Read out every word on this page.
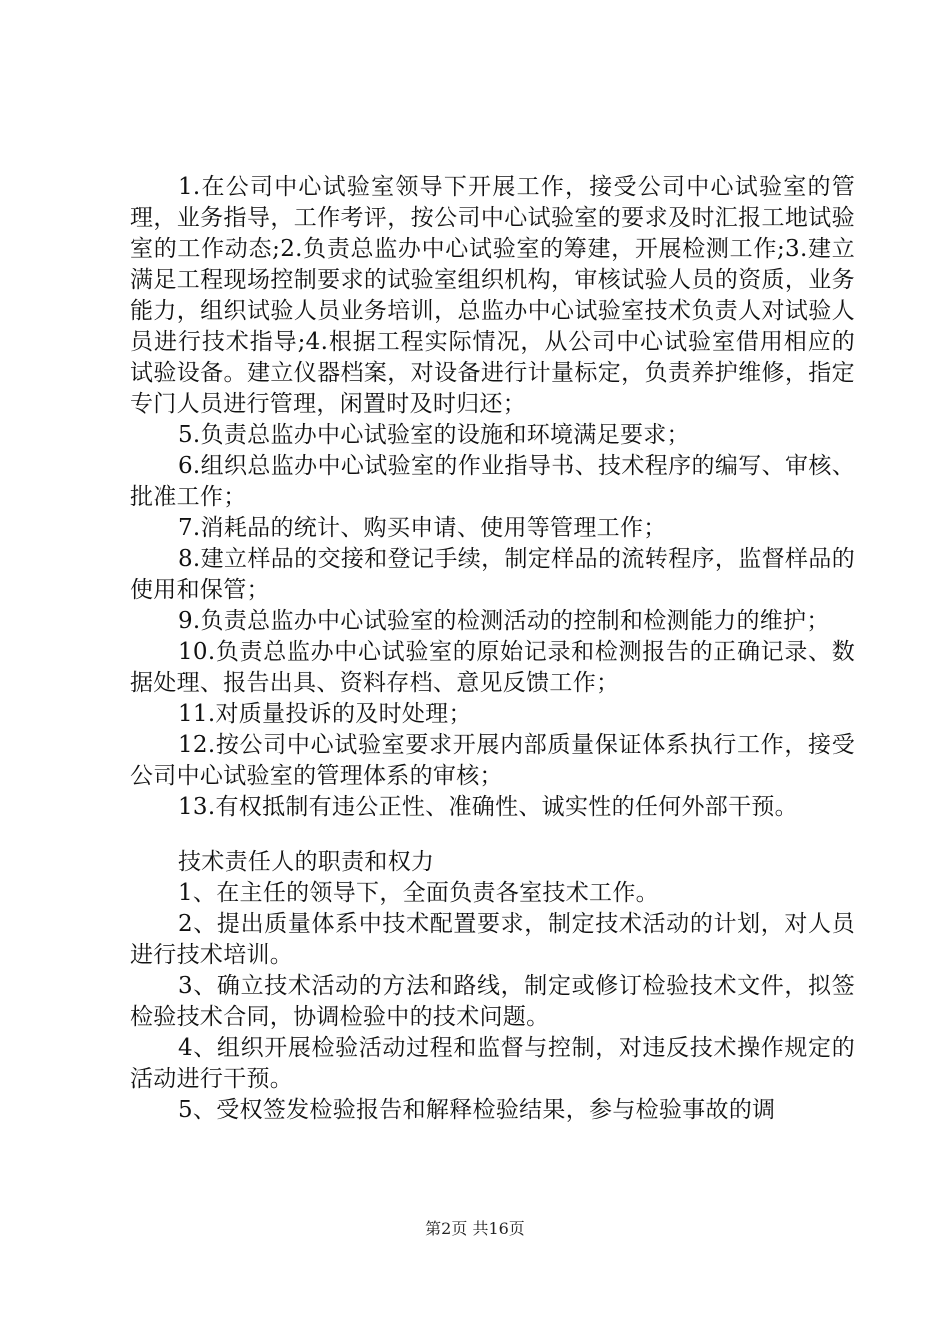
1.在公司中心试验室领导下开展工作，接受公司中心试验室的管理，业务指导，工作考评，按公司中心试验室的要求及时汇报工地试验室的工作动态;2.负责总监办中心试验室的筹建，开展检测工作;3.建立满足工程现场控制要求的试验室组织机构，审核试验人员的资质，业务能力，组织试验人员业务培训，总监办中心试验室技术负责人对试验人员进行技术指导;4.根据工程实际情况，从公司中心试验室借用相应的试验设备。建立仪器档案，对设备进行计量标定，负责养护维修，指定专门人员进行管理，闲置时及时归还；

5.负责总监办中心试验室的设施和环境满足要求；

6.组织总监办中心试验室的作业指导书、技术程序的编写、审核、批准工作；

7.消耗品的统计、购买申请、使用等管理工作；

8.建立样品的交接和登记手续，制定样品的流转程序，监督样品的使用和保管；

9.负责总监办中心试验室的检测活动的控制和检测能力的维护；

10.负责总监办中心试验室的原始记录和检测报告的正确记录、数据处理、报告出具、资料存档、意见反馈工作；

11.对质量投诉的及时处理；

12.按公司中心试验室要求开展内部质量保证体系执行工作，接受公司中心试验室的管理体系的审核；

13.有权抵制有违公正性、准确性、诚实性的任何外部干预。

技术责任人的职责和权力

1、在主任的领导下，全面负责各室技术工作。

2、提出质量体系中技术配置要求，制定技术活动的计划，对人员进行技术培训。

3、确立技术活动的方法和路线，制定或修订检验技术文件，拟签检验技术合同，协调检验中的技术问题。

4、组织开展检验活动过程和监督与控制，对违反技术操作规定的活动进行干预。

5、受权签发检验报告和解释检验结果，参与检验事故的调

第2页 共16页
